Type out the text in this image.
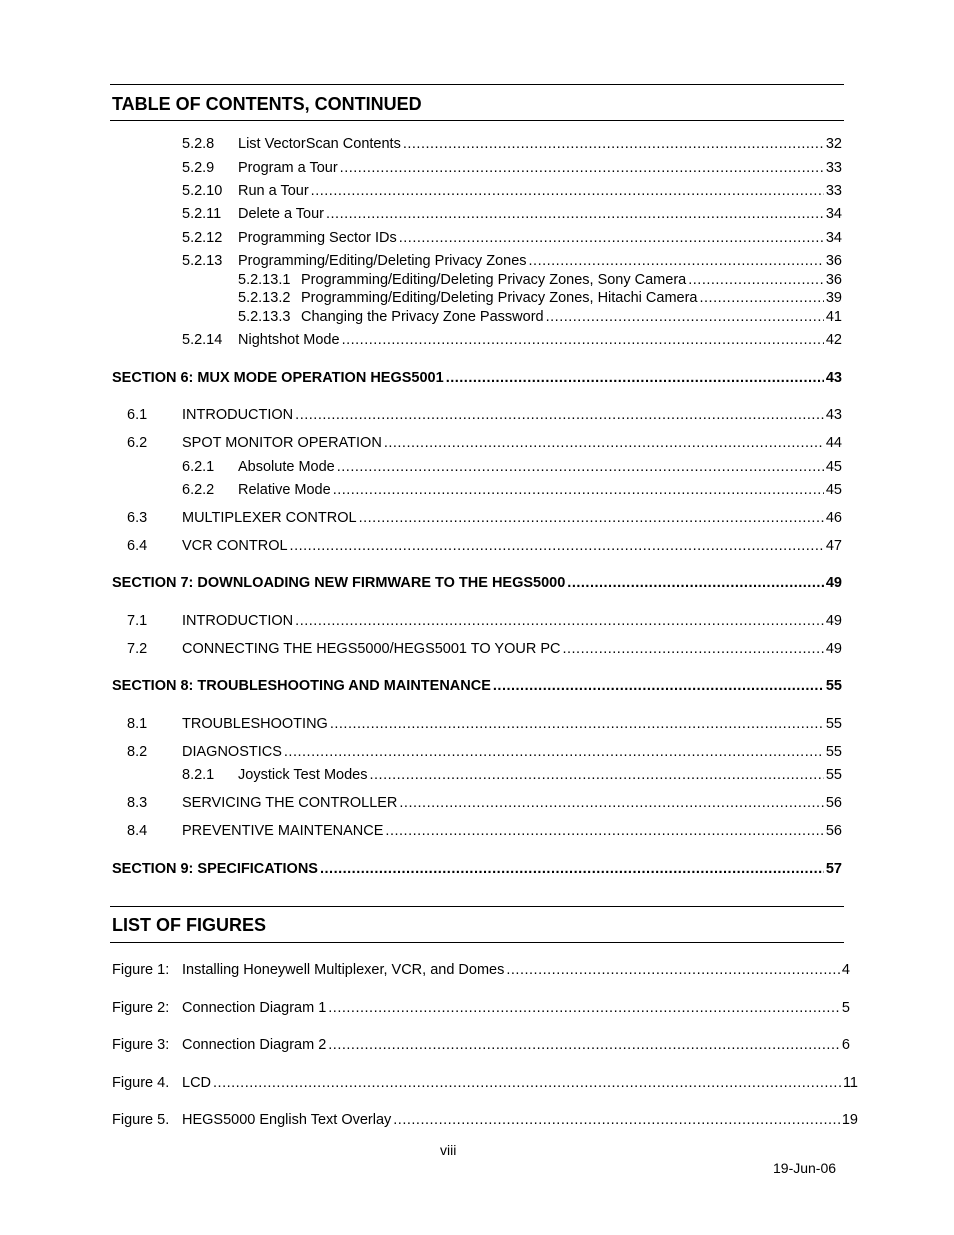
TABLE OF CONTENTS, CONTINUED
5.2.8	List VectorScan Contents .....	32
5.2.9	Program a Tour .....	33
5.2.10	Run a Tour .....	33
5.2.11	Delete a Tour .....	34
5.2.12	Programming Sector IDs .....	34
5.2.13	Programming/Editing/Deleting Privacy Zones .....	36
5.2.13.1 Programming/Editing/Deleting Privacy Zones, Sony Camera .....	36
5.2.13.2 Programming/Editing/Deleting Privacy Zones, Hitachi Camera .....	39
5.2.13.3 Changing the Privacy Zone Password .....	41
5.2.14	Nightshot Mode .....	42
SECTION 6: MUX MODE OPERATION HEGS5001 .....	43
6.1	INTRODUCTION .....	43
6.2	SPOT MONITOR OPERATION .....	44
6.2.1	Absolute Mode .....	45
6.2.2	Relative Mode .....	45
6.3	MULTIPLEXER CONTROL .....	46
6.4	VCR CONTROL .....	47
SECTION 7: DOWNLOADING NEW FIRMWARE TO THE HEGS5000 .....	49
7.1	INTRODUCTION .....	49
7.2	CONNECTING THE HEGS5000/HEGS5001 TO YOUR PC .....	49
SECTION 8: TROUBLESHOOTING AND MAINTENANCE .....	55
8.1	TROUBLESHOOTING .....	55
8.2	DIAGNOSTICS .....	55
8.2.1	Joystick Test Modes .....	55
8.3	SERVICING THE CONTROLLER .....	56
8.4	PREVENTIVE MAINTENANCE .....	56
SECTION 9: SPECIFICATIONS .....	57
LIST OF FIGURES
Figure 1: Installing Honeywell Multiplexer, VCR, and Domes .....	4
Figure 2: Connection Diagram 1 .....	5
Figure 3: Connection Diagram 2 .....	6
Figure 4. LCD .....	11
Figure 5. HEGS5000 English Text Overlay .....	19
viii
19-Jun-06
